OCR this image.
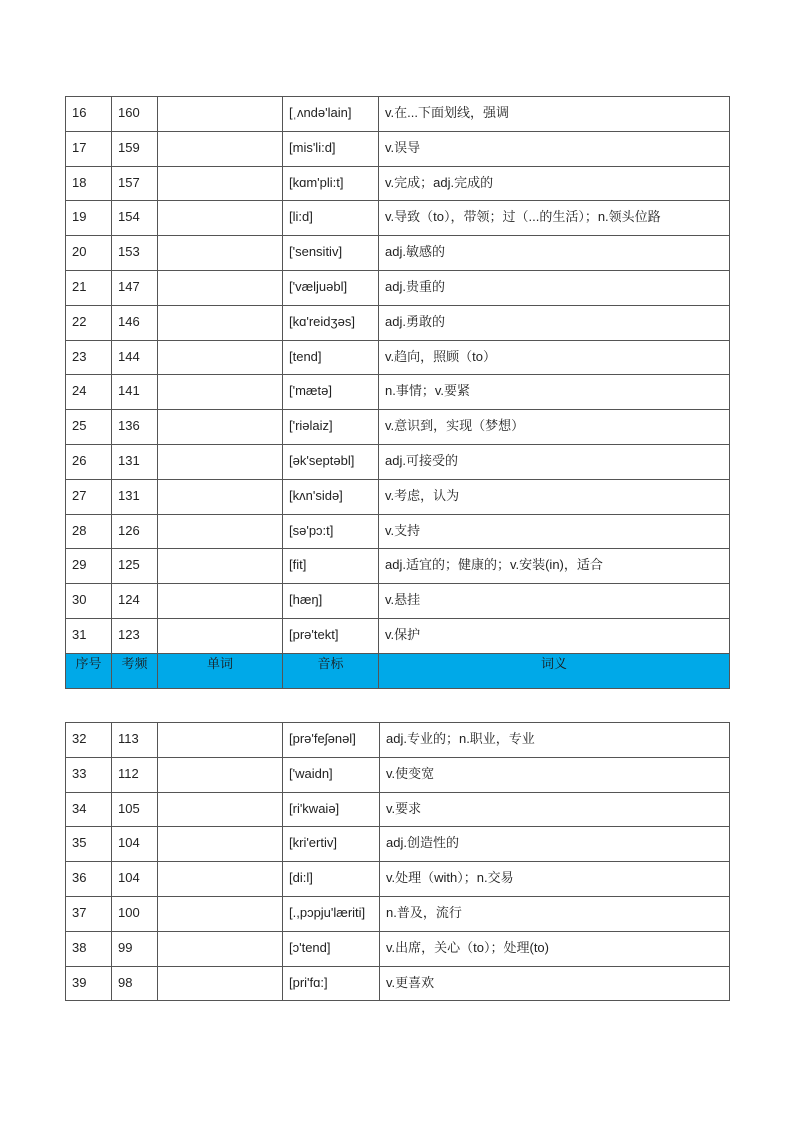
16	160		[ˌʌndə'lain]	v.在...下面划线，强调
17	159		[mis'li:d]	v.误导
18	157		[kɑm'pli:t]	v.完成；adj.完成的
19	154		[li:d]	v.导致（to），带领；过（...的生活）；n.领头位路
20	153		['sensitiv]	adj.敏感的
21	147		['væljuəbl]	adj.贵重的
22	146		[kɑ'reidʒəs]	adj.勇敢的
23	144		[tend]	v.趋向，照顾（to）
24	141		['mætə]	n.事情；v.要紧
25	136		['riəlaiz]	v.意识到，实现（梦想）
26	131		[ək'septəbl]	adj.可接受的
27	131		[kʌn'sidə]	v.考虑，认为
28	126		[sə'pɔ:t]	v.支持
29	125		[fit]	adj.适宜的；健康的；v.安装(in)，适合
30	124		[hæŋ]	v.悬挂
31	123		[prə'tekt]	v.保护
序号	考频	单词	音标	词义
32	113		[prə'feʃənəl]	adj.专业的；n.职业，专业
33	112		['waidn]	v.使变宽
34	105		[ri'kwaiə]	v.要求
35	104		[kri'ertiv]	adj.创造性的
36	104		[di:l]	v.处理（with）；n.交易
37	100		[.,pɔpju'læriti]	n.普及，流行
38	99		[ɔ'tend]	v.出席，关心（to）；处理(to)
39	98		[pri'fɑ:]	v.更喜欢
